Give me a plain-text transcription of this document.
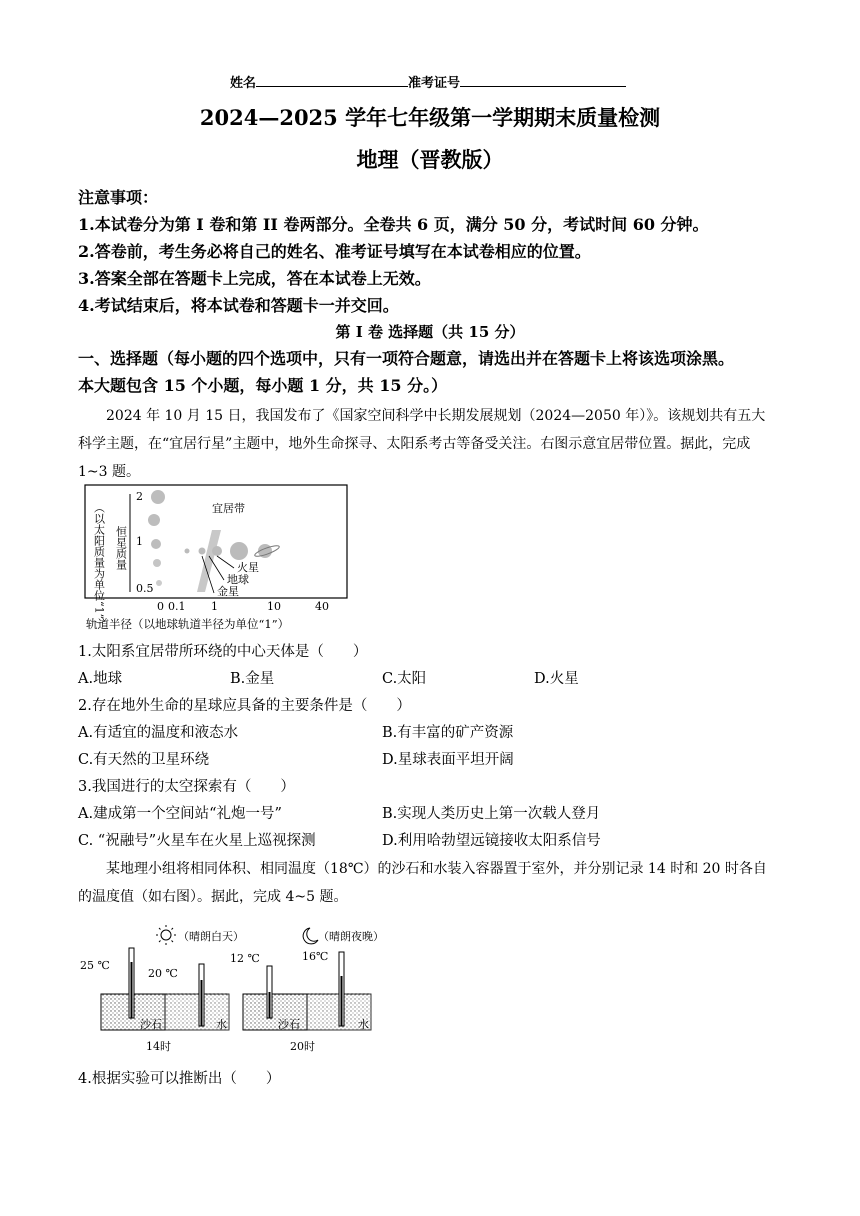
姓名	准考证号
2024—2025 学年七年级第一学期期末质量检测
地理（晋教版）
注意事项：
1.本试卷分为第 I 卷和第 II 卷两部分。全卷共 6 页，满分 50 分，考试时间 60 分钟。
2.答卷前，考生务必将自己的姓名、准考证号填写在本试卷相应的位置。
3.答案全部在答题卡上完成，答在本试卷上无效。
4.考试结束后，将本试卷和答题卡一并交回。
第 I 卷 选择题（共 15 分）
一、选择题（每小题的四个选项中，只有一项符合题意，请选出并在答题卡上将该选项涂黑。
本大题包含 15 个小题，每小题 1 分，共 15 分。）
2024 年 10 月 15 日，我国发布了《国家空间科学中长期发展规划（2024—2050 年）》。该规划共有五大科学主题，在“宜居行星”主题中，地外生命探寻、太阳系考古等备受关注。右图示意宜居带位置。据此，完成 1~3 题。
（以太阳质量为单位“1”） 恒星质量
2
1
0.5
宜居带
火星
地球
金星
0 0.1 1	10	40
轨道半径（以地球轨道半径为单位“1”）
1.太阳系宜居带所环绕的中心天体是（　　）
A.地球	B.金星	C.太阳	D.火星
2.存在地外生命的星球应具备的主要条件是（　　）
A.有适宜的温度和液态水	B.有丰富的矿产资源
C.有天然的卫星环绕	D.星球表面平坦开阔
3.我国进行的太空探索有（　　）
A.建成第一个空间站“礼炮一号”	B.实现人类历史上第一次载人登月
C. “祝融号”火星车在火星上巡视探测	D.利用哈勃望远镜接收太阳系信号
某地理小组将相同体积、相同温度（18℃）的沙石和水装入容器置于室外，并分别记录 14 时和 20 时各自的温度值（如右图）。据此，完成 4~5 题。
（晴朗白天）
25 ℃
20 ℃
沙石	水
14时
（晴朗夜晚）
12 ℃	16℃
沙石	水
20时
4.根据实验可以推断出（　　）
